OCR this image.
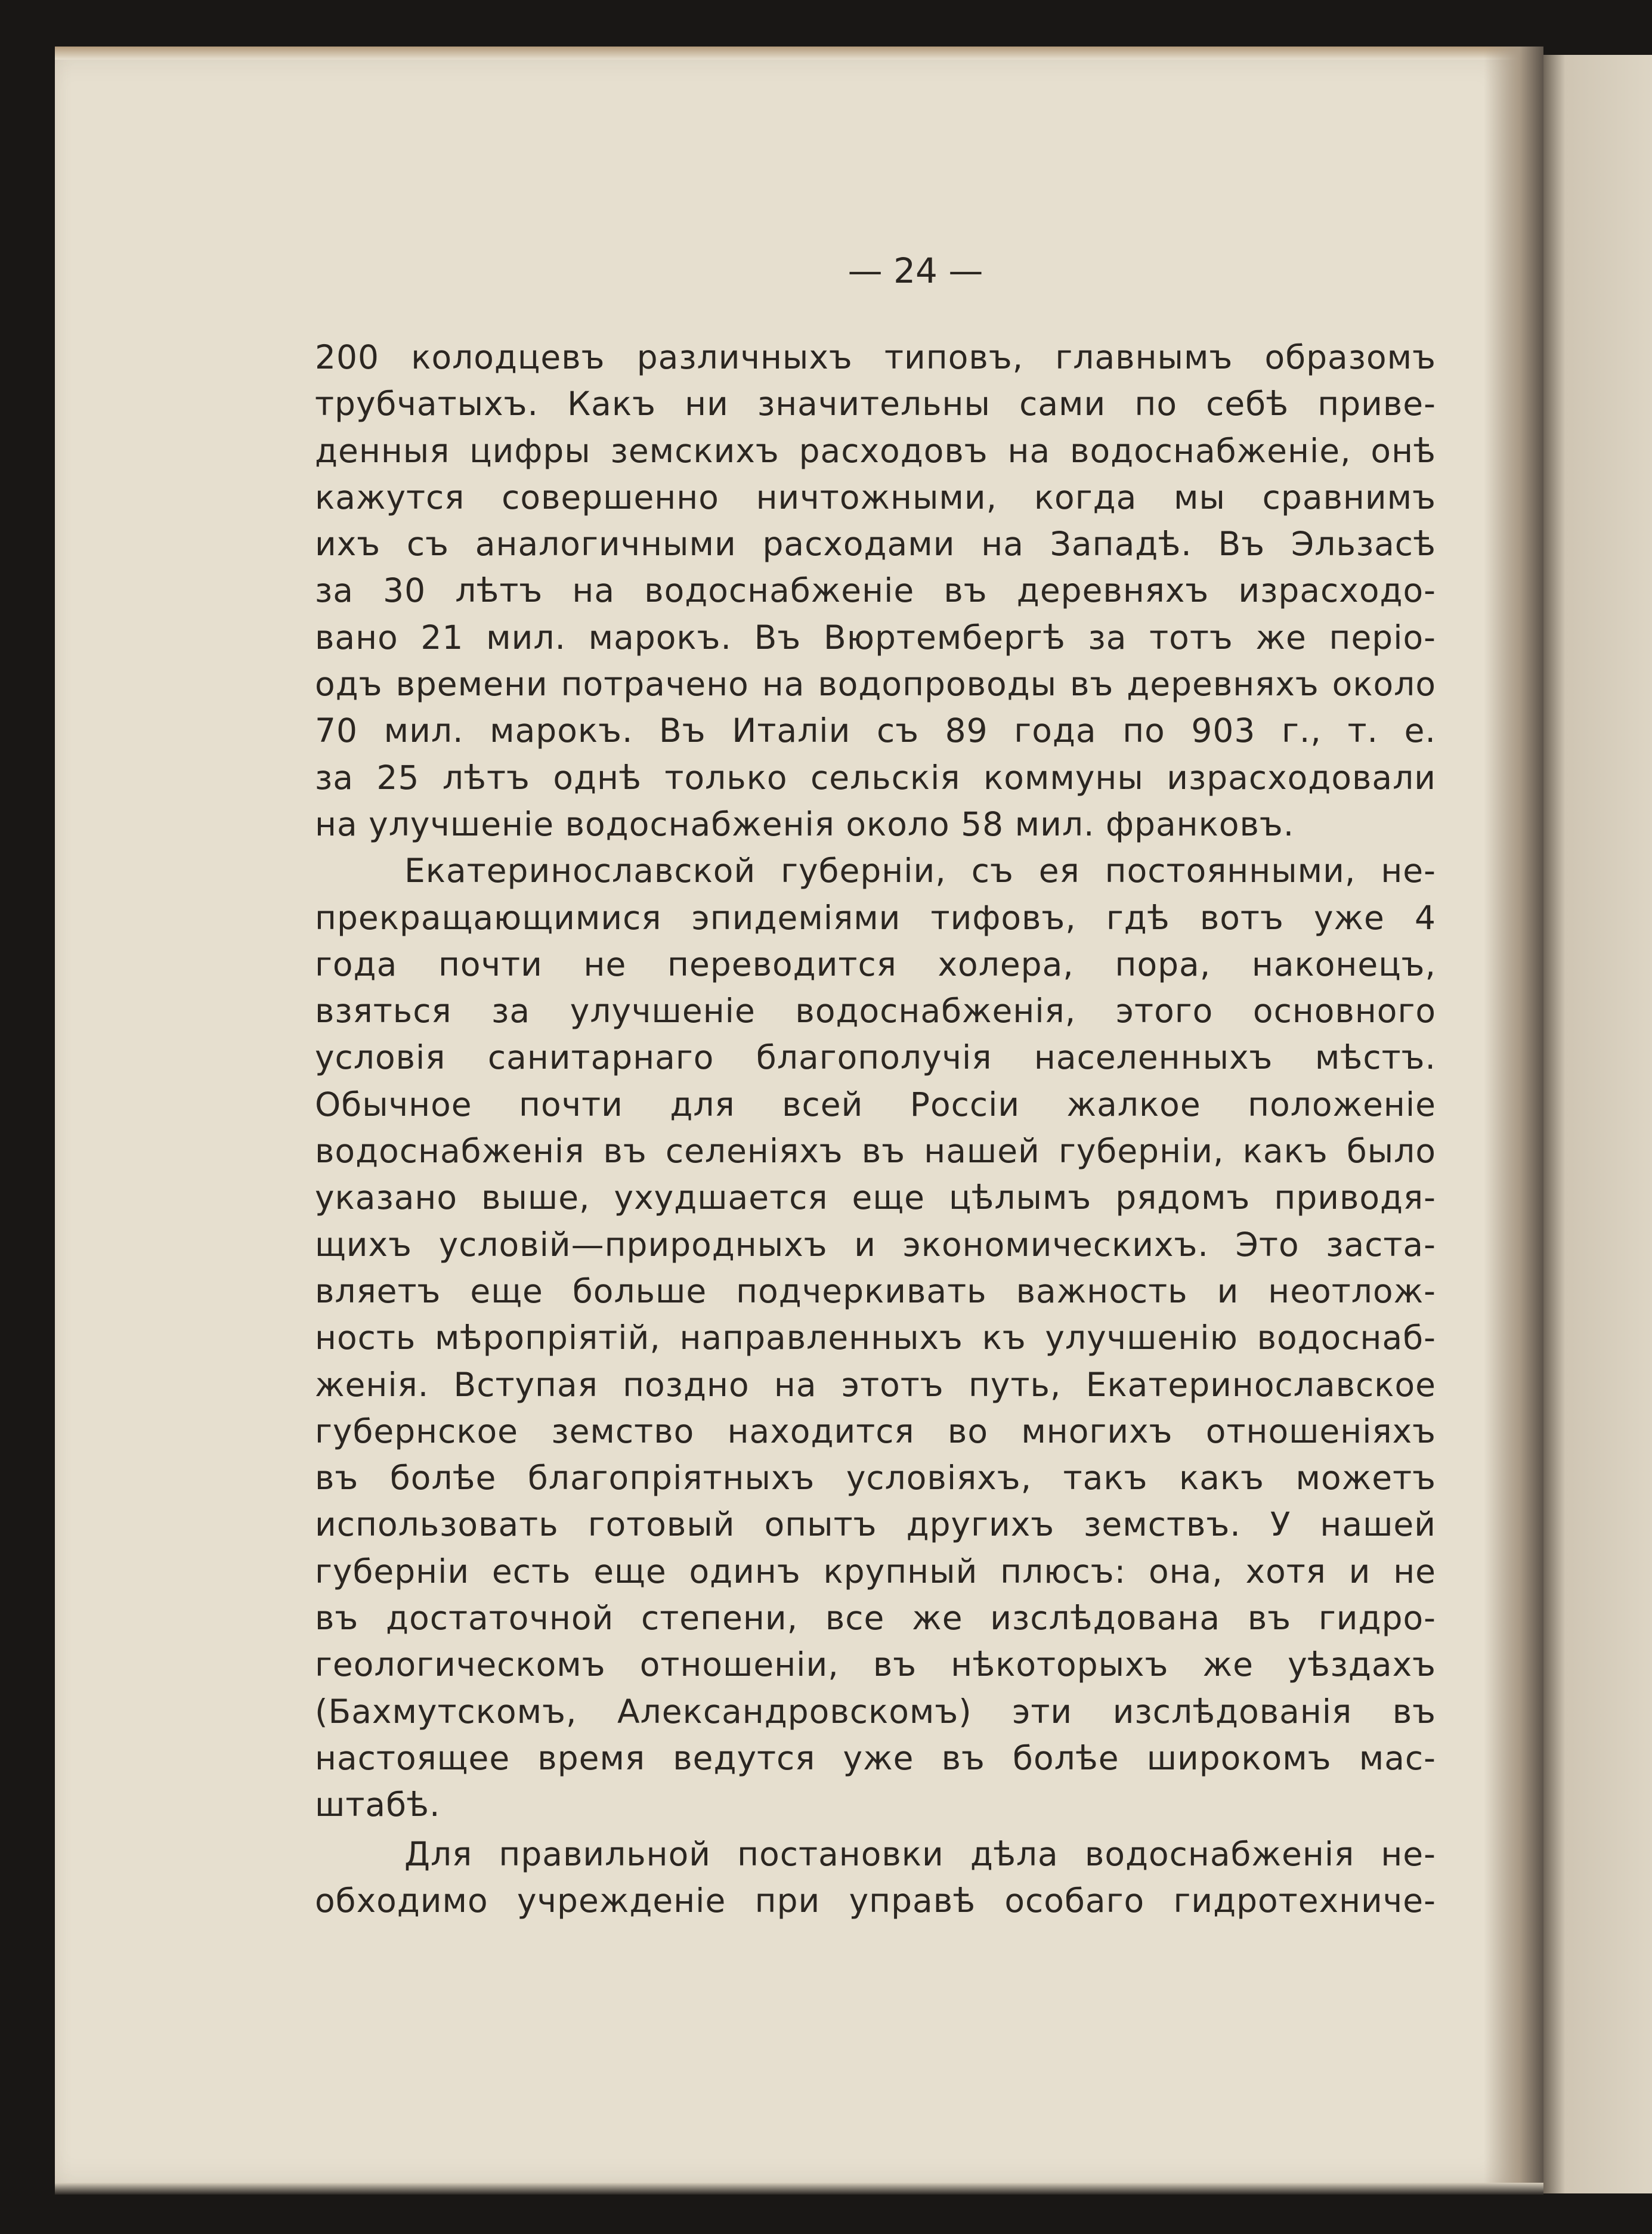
— 24 —
200 колодцевъ различныхъ типовъ, главнымъ образомъ
трубчатыхъ. Какъ ни значительны сами по себѣ приве-
денныя цифры земскихъ расходовъ на водоснабженіе, онѣ
кажутся совершенно ничтожными, когда мы сравнимъ
ихъ съ аналогичными расходами на Западѣ. Въ Эльзасѣ
за 30 лѣтъ на водоснабженіе въ деревняхъ израсходо-
вано 21 мил. марокъ. Въ Вюртембергѣ за тотъ же періо-
одъ времени потрачено на водопроводы въ деревняхъ около
70 мил. марокъ. Въ Италіи съ 89 года по 903 г., т. е.
за 25 лѣтъ однѣ только сельскія коммуны израсходовали
на улучшеніе водоснабженія около 58 мил. франковъ.
Екатеринославской губерніи, съ ея постоянными, не-
прекращающимися эпидеміями тифовъ, гдѣ вотъ уже 4
года почти не переводится холера, пора, наконецъ,
взяться за улучшеніе водоснабженія, этого основного
условія санитарнаго благополучія населенныхъ мѣстъ.
Обычное почти для всей Россіи жалкое положеніе
водоснабженія въ селеніяхъ въ нашей губерніи, какъ было
указано выше, ухудшается еще цѣлымъ рядомъ приводя-
щихъ условій—природныхъ и экономическихъ. Это заста-
вляетъ еще больше подчеркивать важность и неотлож-
ность мѣропріятій, направленныхъ къ улучшенію водоснаб-
женія. Вступая поздно на этотъ путь, Екатеринославское
губернское земство находится во многихъ отношеніяхъ
въ болѣе благопріятныхъ условіяхъ, такъ какъ можетъ
использовать готовый опытъ другихъ земствъ. У нашей
губерніи есть еще одинъ крупный плюсъ: она, хотя и не
въ достаточной степени, все же изслѣдована въ гидро-
геологическомъ отношеніи, въ нѣкоторыхъ же уѣздахъ
(Бахмутскомъ, Александровскомъ) эти изслѣдованія въ
настоящее время ведутся уже въ болѣе широкомъ мас-
штабѣ.
Для правильной постановки дѣла водоснабженія не-
обходимо учрежденіе при управѣ особаго гидротехниче-
